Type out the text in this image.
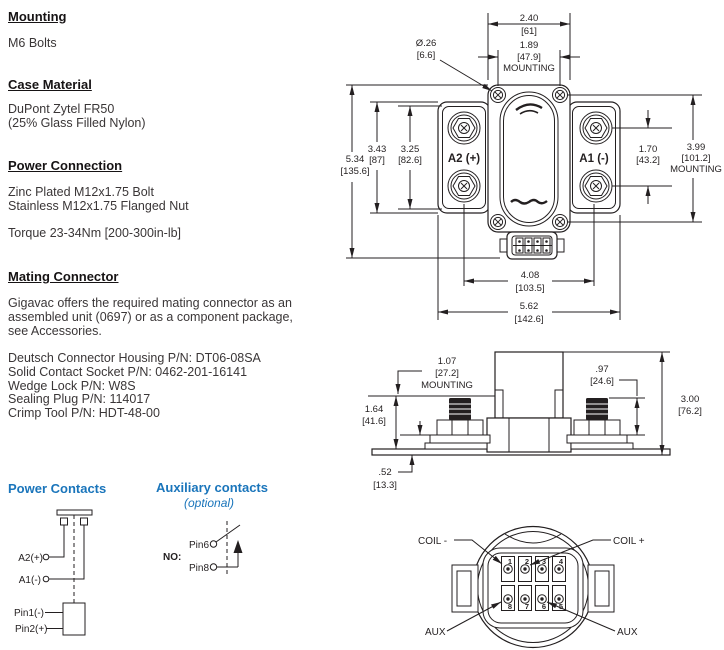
Mounting
M6 Bolts
Case Material
DuPont Zytel FR50
(25% Glass Filled Nylon)
Power Connection
Zinc Plated M12x1.75 Bolt
Stainless M12x1.75 Flanged Nut
Torque 23-34Nm [200-300in-lb]
Mating Connector
Gigavac offers the required mating connector as an
assembled unit (0697) or as a component package,
see Accessories.
Deutsch Connector Housing P/N: DT06-08SA
Solid Contact Socket P/N: 0462-201-16141
Wedge Lock P/N: W8S
Sealing Plug P/N: 114017
Crimp Tool P/N: HDT-48-00
Power Contacts	Auxiliary contacts
(optional)
A2(+)
A1(-)
Pin1(-)
Pin2(+)
NO:
Pin6
Pin8
A2 (+)	A1 (-)
2.40
[61]
1.89
[47.9]
MOUNTING
Ø.26
[6.6]
5.34
[135.6]
3.43
[87]
3.25
[82.6]
1.70
[43.2]
3.99
[101.2]
MOUNTING
4.08
[103.5]
5.62
[142.6]
1.07
[27.2]
MOUNTING
1.64
[41.6]
.52
[13.3]
.97
[24.6]
3.00
[76.2]
1 2 3 4
8 7 6 5
COIL -	COIL +
AUX	AUX
